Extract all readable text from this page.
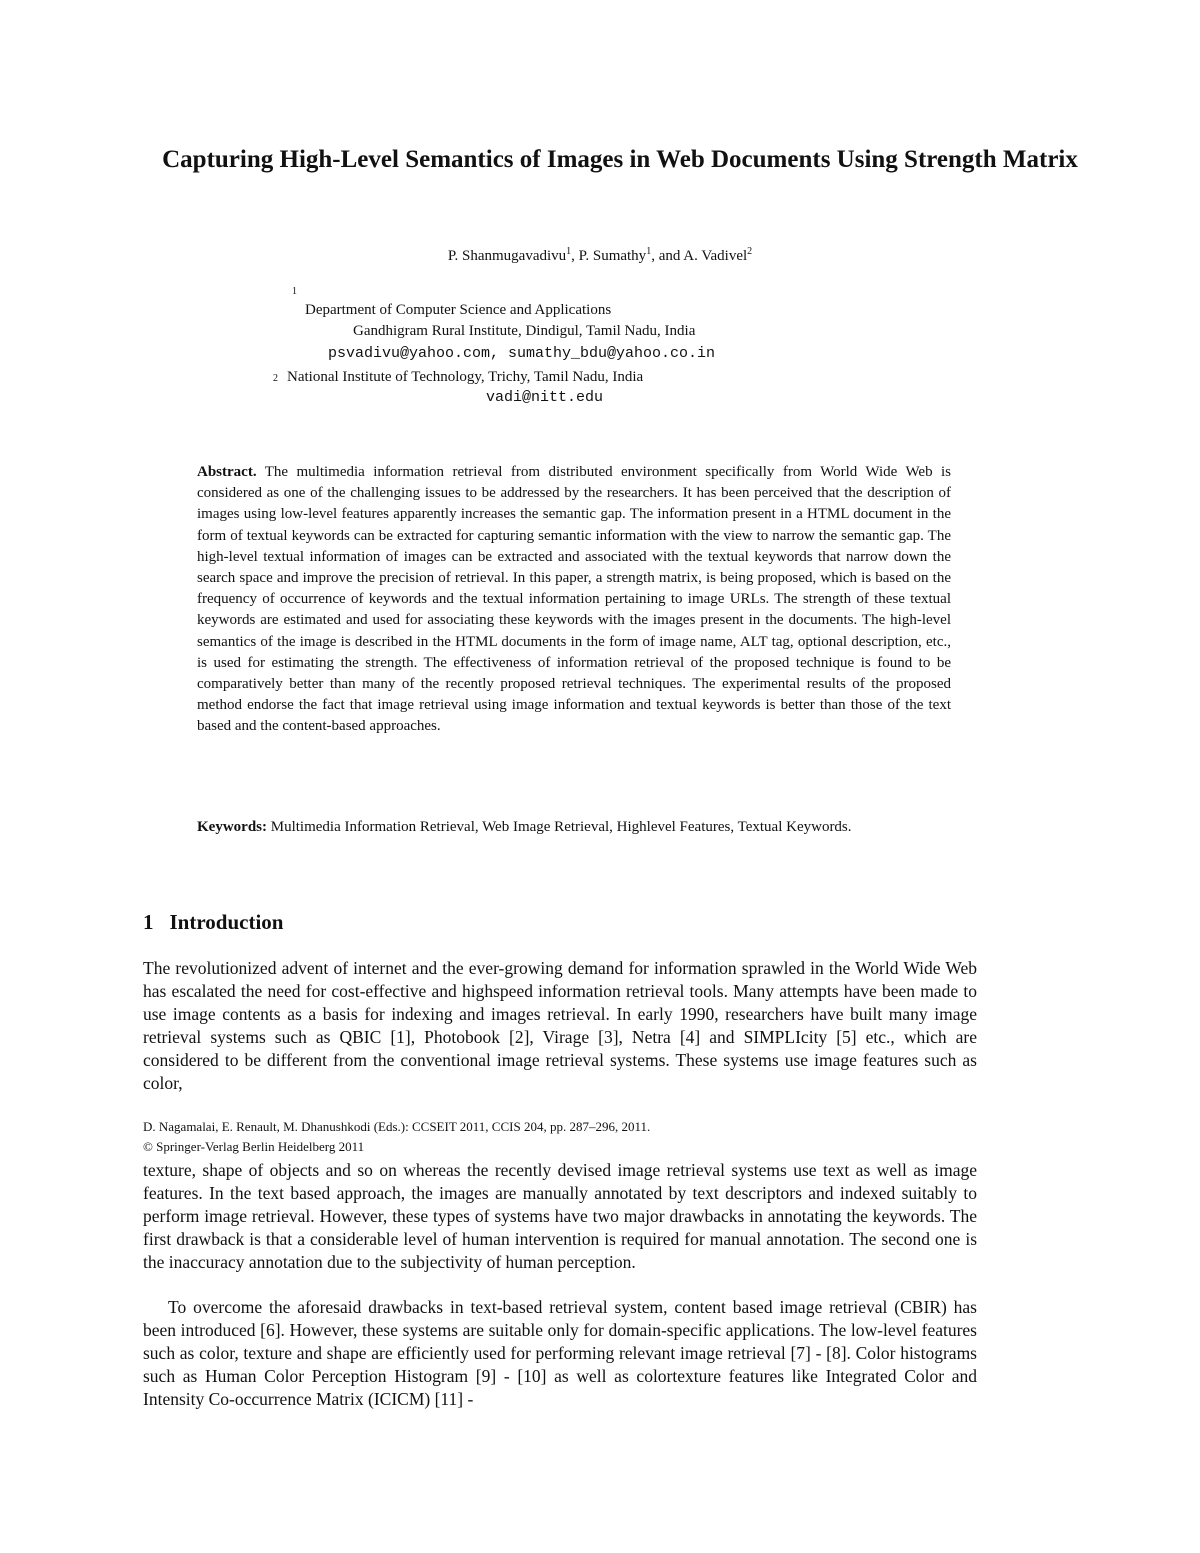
Capturing High-Level Semantics of Images in Web Documents Using Strength Matrix
P. Shanmugavadivu$^1$, P. Sumathy$^1$, and A. Vadivel$^2$
1
Department of Computer Science and Applications
Gandhigram Rural Institute, Dindigul, Tamil Nadu, India
psvadivu@yahoo.com, sumathy_bdu@yahoo.co.in
2 National Institute of Technology, Trichy, Tamil Nadu, India
vadi@nitt.edu
Abstract. The multimedia information retrieval from distributed environment specifically from World Wide Web is considered as one of the challenging issues to be addressed by the researchers. It has been perceived that the description of images using low-level features apparently increases the semantic gap. The information present in a HTML document in the form of textual keywords can be extracted for capturing semantic information with the view to narrow the semantic gap. The high-level textual information of images can be extracted and associated with the textual keywords that narrow down the search space and improve the precision of retrieval. In this paper, a strength matrix, is being proposed, which is based on the frequency of occurrence of keywords and the textual information pertaining to image URLs. The strength of these textual keywords are estimated and used for associating these keywords with the images present in the documents. The high-level semantics of the image is described in the HTML documents in the form of image name, ALT tag, optional description, etc., is used for estimating the strength. The effectiveness of information retrieval of the proposed technique is found to be comparatively better than many of the recently proposed retrieval techniques. The experimental results of the proposed method endorse the fact that image retrieval using image information and textual keywords is better than those of the text based and the content-based approaches.
Keywords: Multimedia Information Retrieval, Web Image Retrieval, Highlevel Features, Textual Keywords.
1 Introduction
The revolutionized advent of internet and the ever-growing demand for information sprawled in the World Wide Web has escalated the need for cost-effective and highspeed information retrieval tools. Many attempts have been made to use image contents as a basis for indexing and images retrieval. In early 1990, researchers have built many image retrieval systems such as QBIC [1], Photobook [2], Virage [3], Netra [4] and SIMPLIcity [5] etc., which are considered to be different from the conventional image retrieval systems. These systems use image features such as color,
D. Nagamalai, E. Renault, M. Dhanushkodi (Eds.): CCSEIT 2011, CCIS 204, pp. 287–296, 2011.
© Springer-Verlag Berlin Heidelberg 2011
texture, shape of objects and so on whereas the recently devised image retrieval systems use text as well as image features. In the text based approach, the images are manually annotated by text descriptors and indexed suitably to perform image retrieval. However, these types of systems have two major drawbacks in annotating the keywords. The first drawback is that a considerable level of human intervention is required for manual annotation. The second one is the inaccuracy annotation due to the subjectivity of human perception.
To overcome the aforesaid drawbacks in text-based retrieval system, content based image retrieval (CBIR) has been introduced [6]. However, these systems are suitable only for domain-specific applications. The low-level features such as color, texture and shape are efficiently used for performing relevant image retrieval [7] - [8]. Color histograms such as Human Color Perception Histogram [9] - [10] as well as colortexture features like Integrated Color and Intensity Co-occurrence Matrix (ICICM) [11] -
